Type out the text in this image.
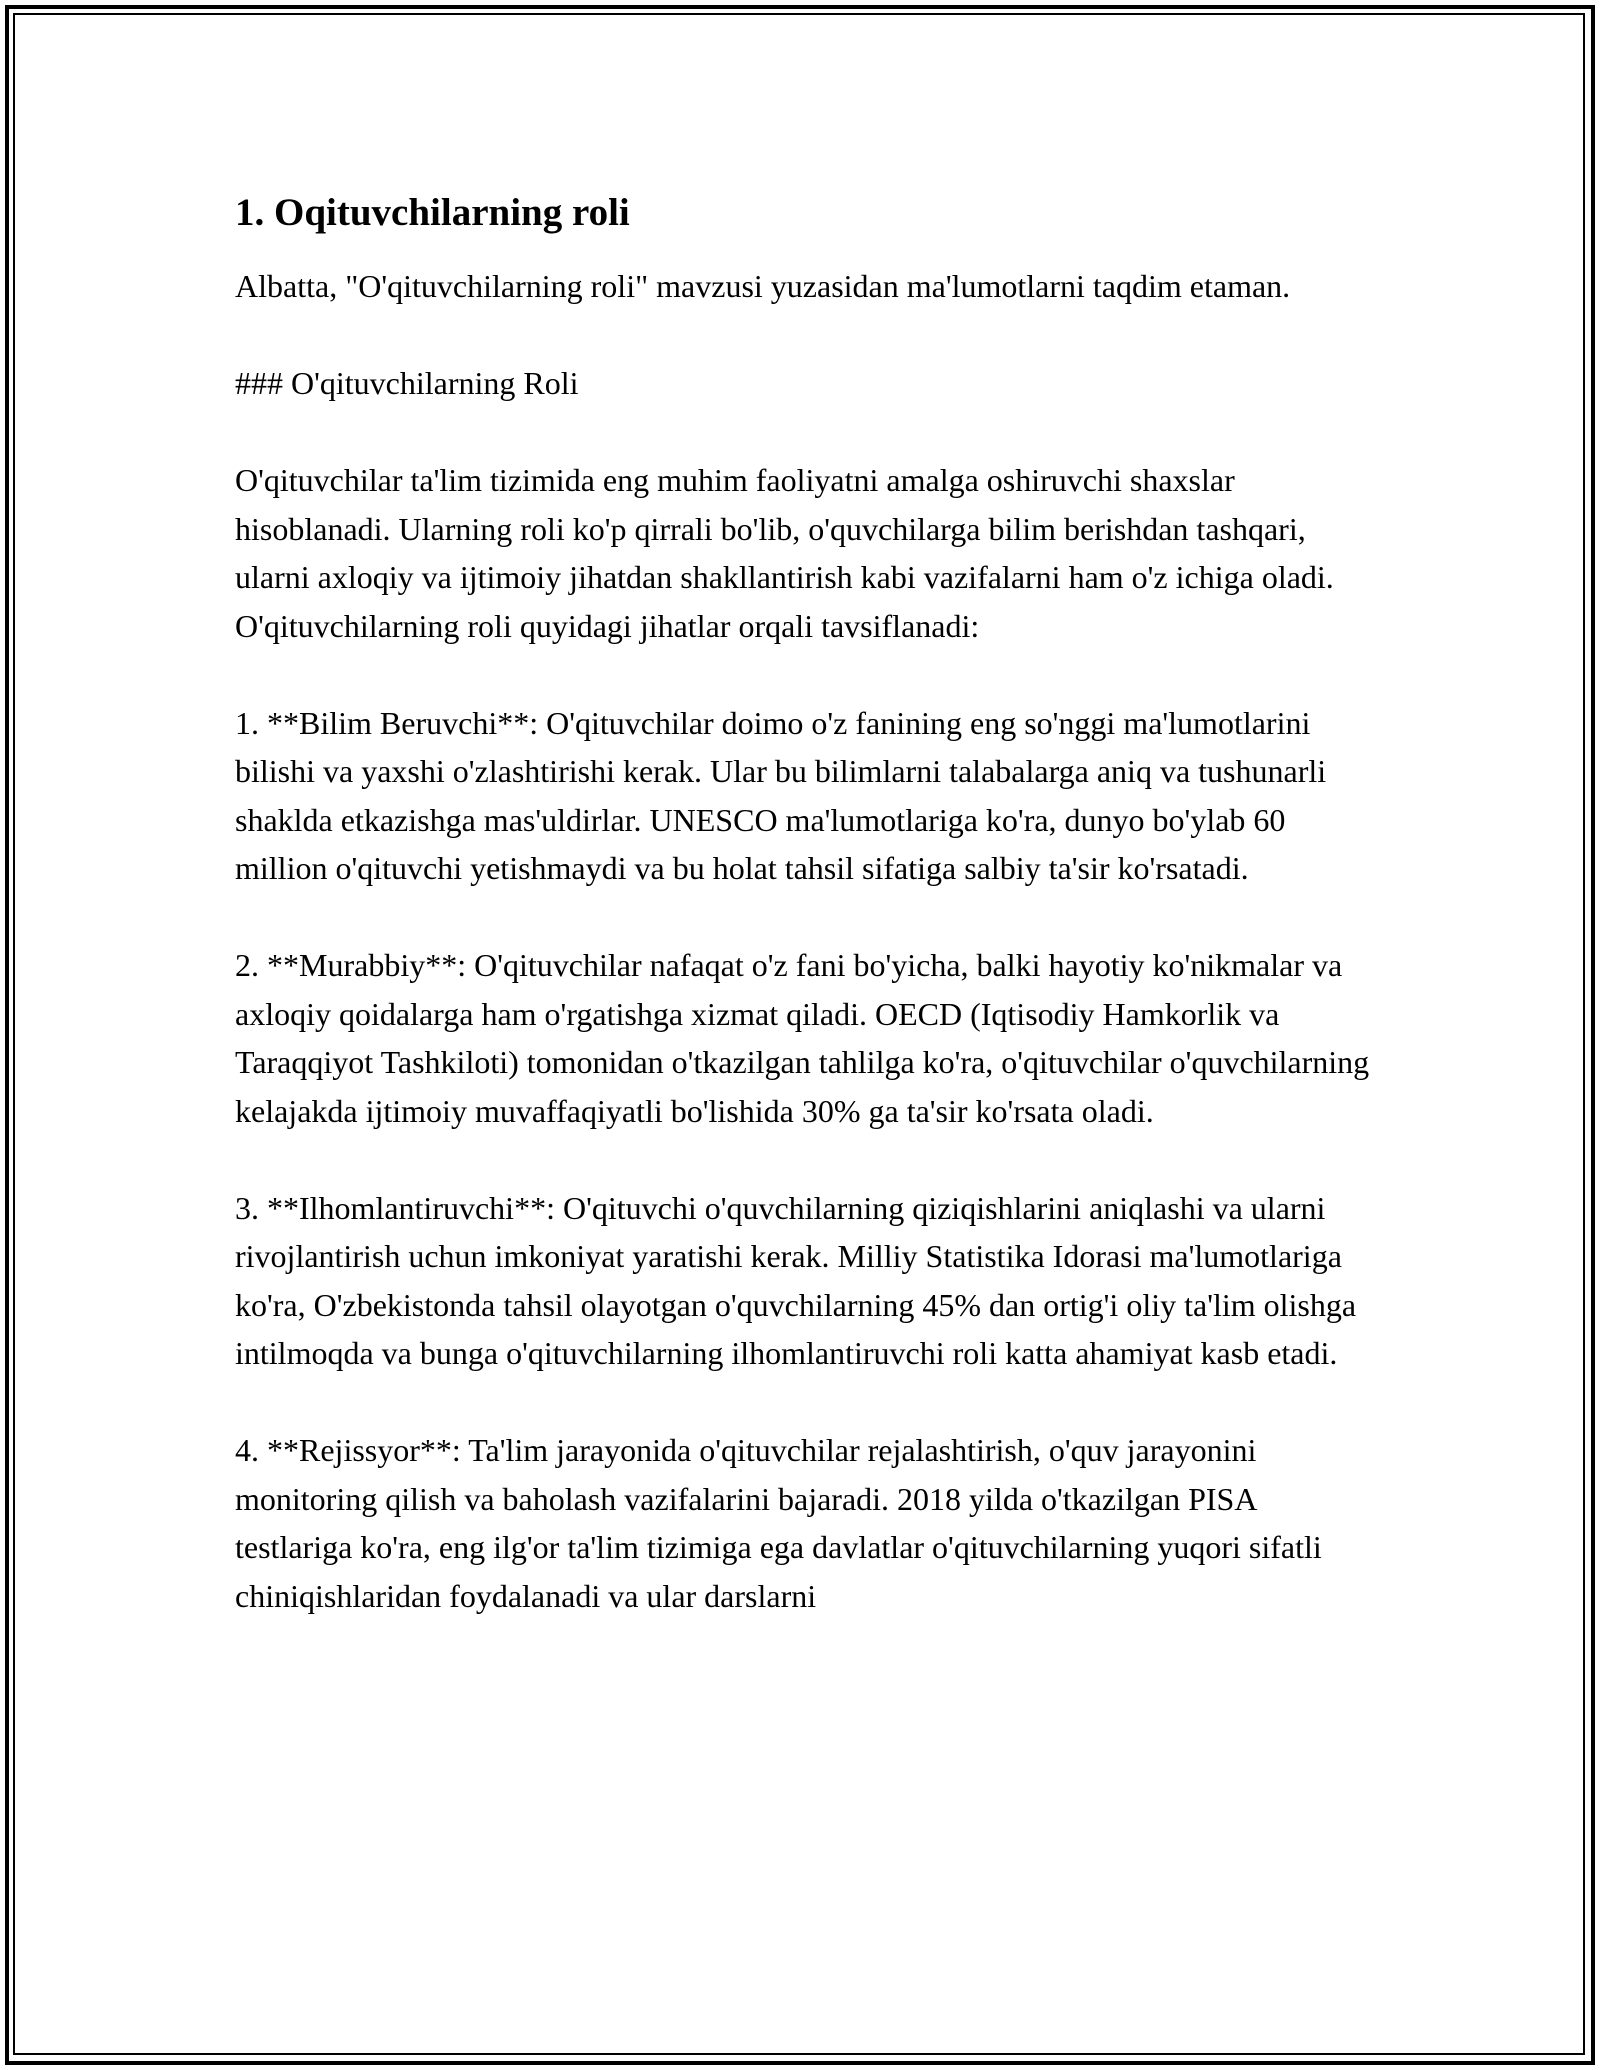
1. Oqituvchilarning roli

Albatta, "O'qituvchilarning roli" mavzusi yuzasidan ma'lumotlarni taqdim etaman.

### O'qituvchilarning Roli

O'qituvchilar ta'lim tizimida eng muhim faoliyatni amalga oshiruvchi shaxslar hisoblanadi. Ularning roli ko'p qirrali bo'lib, o'quvchilarga bilim berishdan tashqari, ularni axloqiy va ijtimoiy jihatdan shakllantirish kabi vazifalarni ham o'z ichiga oladi. O'qituvchilarning roli quyidagi jihatlar orqali tavsiflanadi:

1. **Bilim Beruvchi**: O'qituvchilar doimo o'z fanining eng so'nggi ma'lumotlarini bilishi va yaxshi o'zlashtirishi kerak. Ular bu bilimlarni talabalarga aniq va tushunarli shaklda etkazishga mas'uldirlar. UNESCO ma'lumotlariga ko'ra, dunyo bo'ylab 60 million o'qituvchi yetishmaydi va bu holat tahsil sifatiga salbiy ta'sir ko'rsatadi.

2. **Murabbiy**: O'qituvchilar nafaqat o'z fani bo'yicha, balki hayotiy ko'nikmalar va axloqiy qoidalarga ham o'rgatishga xizmat qiladi. OECD (Iqtisodiy Hamkorlik va Taraqqiyot Tashkiloti) tomonidan o'tkazilgan tahlilga ko'ra, o'qituvchilar o'quvchilarning kelajakda ijtimoiy muvaffaqiyatli bo'lishida 30% ga ta'sir ko'rsata oladi.

3. **Ilhomlantiruvchi**: O'qituvchi o'quvchilarning qiziqishlarini aniqlashi va ularni rivojlantirish uchun imkoniyat yaratishi kerak. Milliy Statistika Idorasi ma'lumotlariga ko'ra, O'zbekistonda tahsil olayotgan o'quvchilarning 45% dan ortig'i oliy ta'lim olishga intilmoqda va bunga o'qituvchilarning ilhomlantiruvchi roli katta ahamiyat kasb etadi.

4. **Rejissyor**: Ta'lim jarayonida o'qituvchilar rejalashtirish, o'quv jarayonini monitoring qilish va baholash vazifalarini bajaradi. 2018 yilda o'tkazilgan PISA testlariga ko'ra, eng ilg'or ta'lim tizimiga ega davlatlar o'qituvchilarning yuqori sifatli chiniqishlaridan foydalanadi va ular darslarni
